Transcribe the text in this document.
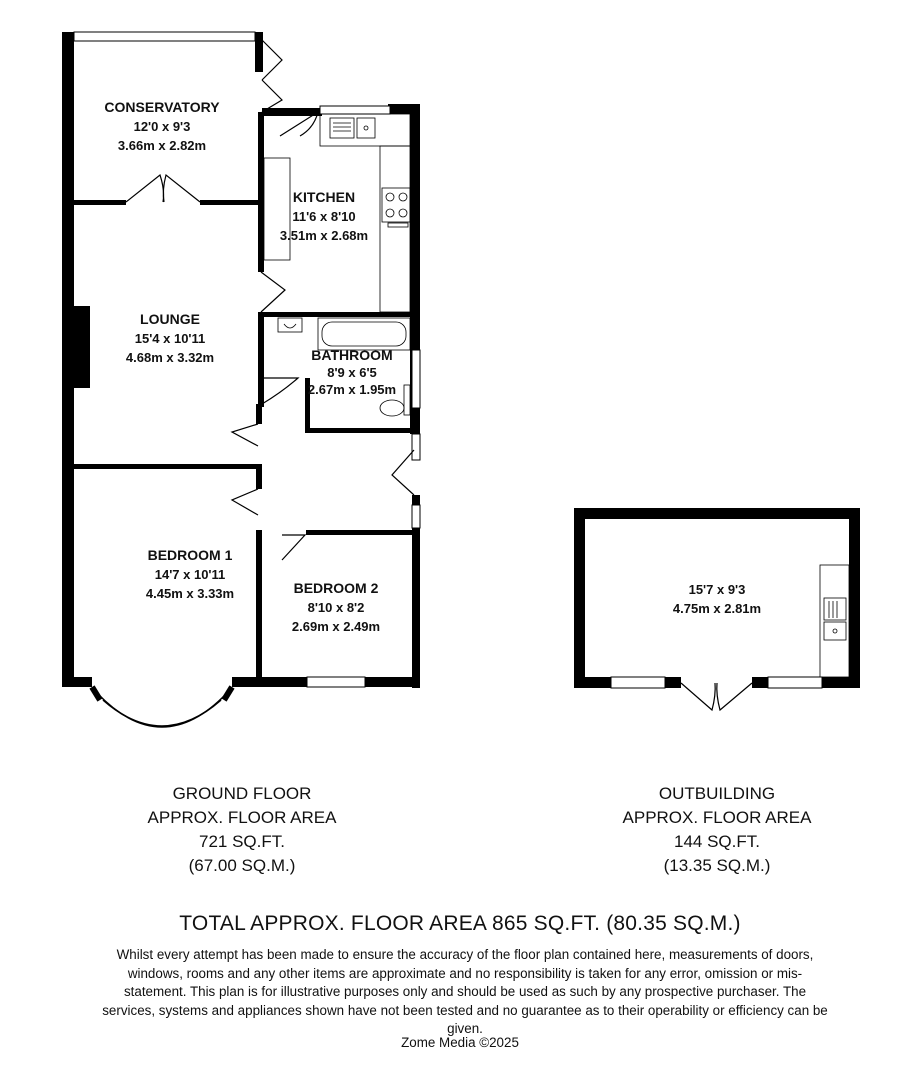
CONSERVATORY
12'0 x 9'3
3.66m x 2.82m
KITCHEN
11'6 x 8'10
3.51m x 2.68m
LOUNGE
15'4 x 10'11
4.68m x 3.32m	BATHROOM
8'9 x 6'5
2.67m x 1.95m
BEDROOM 1
14'7 x 10'11
4.45m x 3.33m	BEDROOM 2
8'10 x 8'2
2.69m x 2.49m
15'7 x 9'3
4.75m x 2.81m
GROUND FLOOR
APPROX. FLOOR AREA
721 SQ.FT.
(67.00 SQ.M.)
OUTBUILDING
APPROX. FLOOR AREA
144 SQ.FT.
(13.35 SQ.M.)
TOTAL APPROX. FLOOR AREA 865 SQ.FT. (80.35 SQ.M.)
Whilst every attempt has been made to ensure the accuracy of the floor plan contained here, measurements of doors, windows, rooms and any other items are approximate and no responsibility is taken for any error, omission or mis-statement. This plan is for illustrative purposes only and should be used as such by any prospective purchaser. The services, systems and appliances shown have not been tested and no guarantee as to their operability or efficiency can be given.
Zome Media ©2025
